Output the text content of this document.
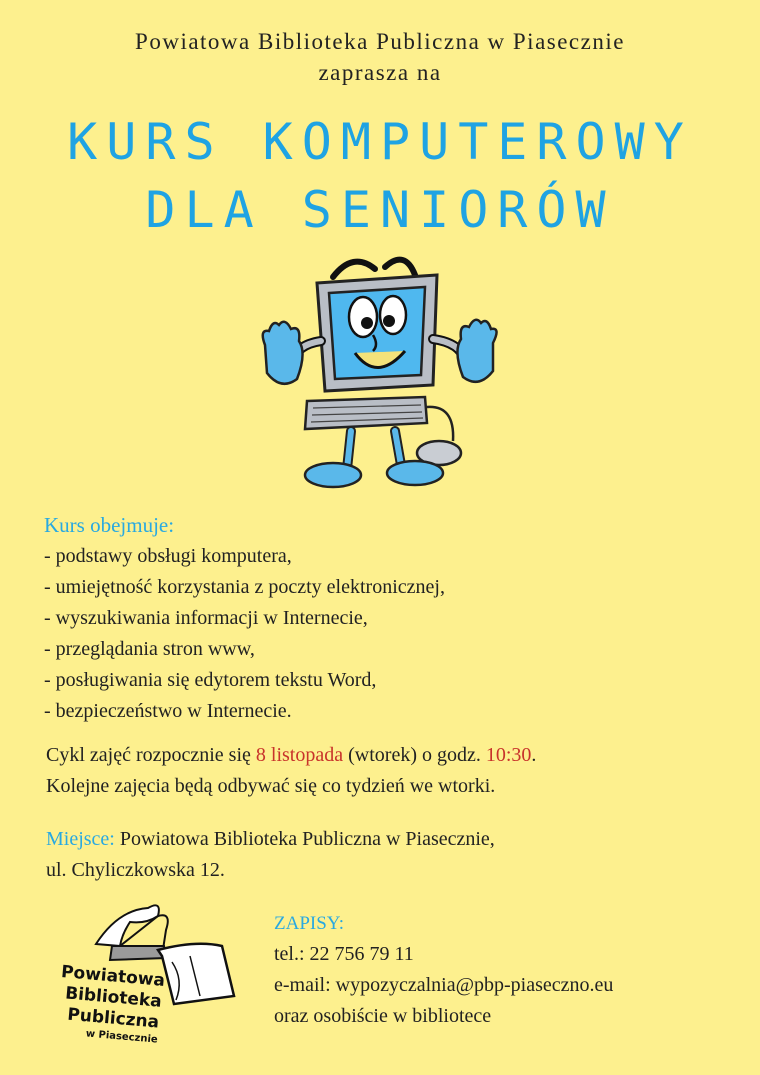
Powiatowa Biblioteka Publiczna w Piasecznie
zaprasza na
KURS KOMPUTEROWY
DLA SENIORÓW
Kurs obejmuje:
- podstawy obsługi komputera,
- umiejętność korzystania z poczty elektronicznej,
- wyszukiwania informacji w Internecie,
- przeglądania stron www,
- posługiwania się edytorem tekstu Word,
- bezpieczeństwo w Internecie.
Cykl zajęć rozpocznie się 8 listopada (wtorek) o godz. 10:30.
Kolejne zajęcia będą odbywać się co tydzień we wtorki.
Miejsce: Powiatowa Biblioteka Publiczna w Piasecznie,
ul. Chyliczkowska 12.
Powiatowa
Biblioteka
Publiczna
w Piasecznie
ZAPISY:
tel.: 22 756 79 11
e-mail: wypozyczalnia@pbp-piaseczno.eu
oraz osobiście w bibliotece
